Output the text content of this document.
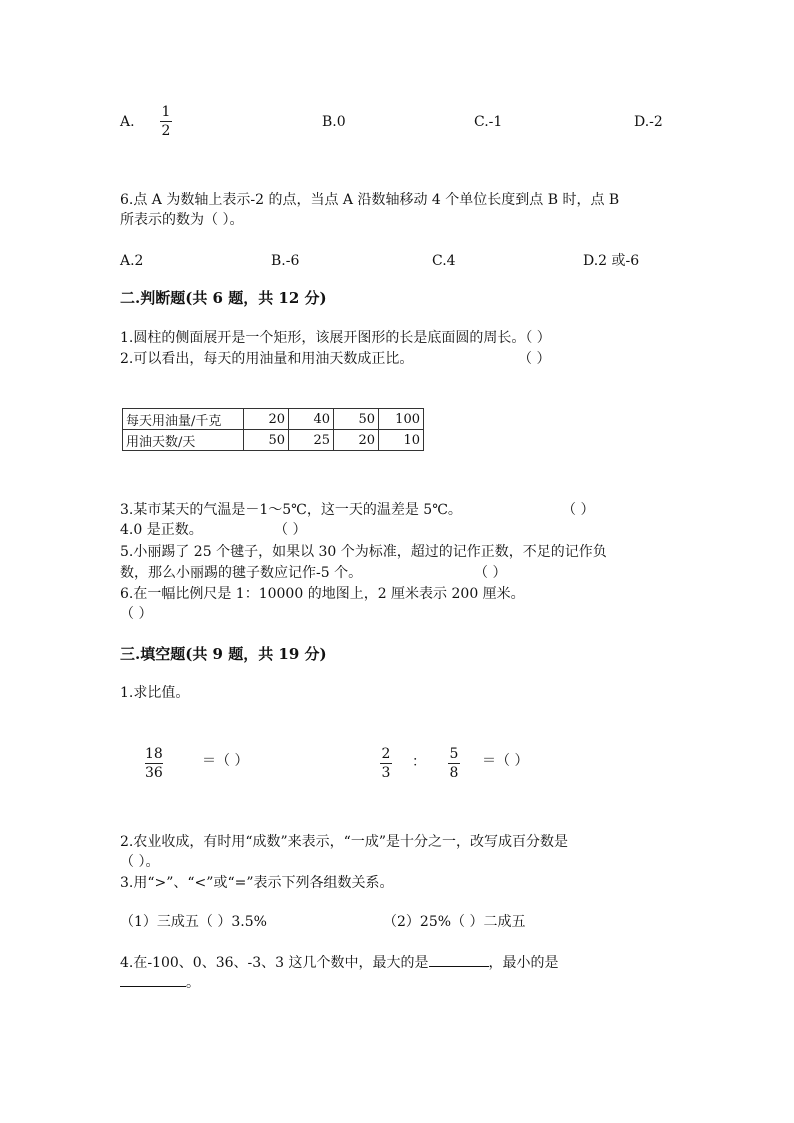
A.
1
2
B.0	C.-1	D.-2
6.点 A 为数轴上表示-2 的点，当点 A 沿数轴移动 4 个单位长度到点 B 时，点 B
所表示的数为（ ）。
A.2	B.-6	C.4	D.2 或-6
二.判断题(共 6 题，共 12 分)
1.圆柱的侧面展开是一个矩形，该展开图形的长是底面圆的周长。（ ）
2.可以看出，每天的用油量和用油天数成正比。	（ ）
每天用油量/千克	20	40	50	100
用油天数/天	50	25	20	10
3.某市某天的气温是－1～5℃，这一天的温差是 5℃。	（ ）
4.0 是正数。	（ ）
5.小丽踢了 25 个毽子，如果以 30 个为标准，超过的记作正数，不足的记作负
数，那么小丽踢的毽子数应记作-5 个。	（ ）
6.在一幅比例尺是 1：10000 的地图上，2 厘米表示 200 厘米。
（ ）
三.填空题(共 9 题，共 19 分)
1.求比值。
18
36
＝（ ）	2
3
： 5
8
＝（ ）
2.农业收成，有时用“成数”来表示，“一成”是十分之一，改写成百分数是
（ ）。
3.用“>”、“<”或“=”表示下列各组数关系。
（1）三成五（ ）3.5%	（2）25%（ ）二成五
4.在-100、0、36、-3、3 这几个数中，最大的是	，最小的是
。
